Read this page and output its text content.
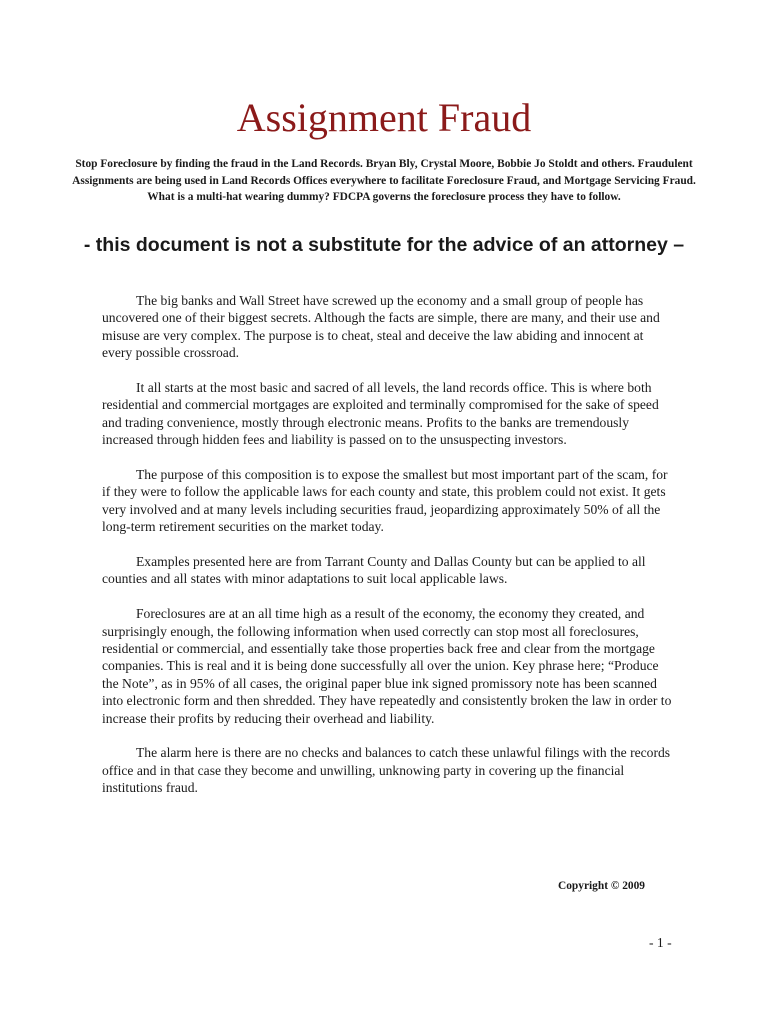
Assignment Fraud

Stop Foreclosure by finding the fraud in the Land Records. Bryan Bly, Crystal Moore, Bobbie Jo Stoldt and others. Fraudulent Assignments are being used in Land Records Offices everywhere to facilitate Foreclosure Fraud, and Mortgage Servicing Fraud. What is a multi-hat wearing dummy? FDCPA governs the foreclosure process they have to follow.

- this document is not a substitute for the advice of an attorney –

The big banks and Wall Street have screwed up the economy and a small group of people has uncovered one of their biggest secrets. Although the facts are simple, there are many, and their use and misuse are very complex. The purpose is to cheat, steal and deceive the law abiding and innocent at every possible crossroad.

It all starts at the most basic and sacred of all levels, the land records office. This is where both residential and commercial mortgages are exploited and terminally compromised for the sake of speed and trading convenience, mostly through electronic means. Profits to the banks are tremendously increased through hidden fees and liability is passed on to the unsuspecting investors.

The purpose of this composition is to expose the smallest but most important part of the scam, for if they were to follow the applicable laws for each county and state, this problem could not exist. It gets very involved and at many levels including securities fraud, jeopardizing approximately 50% of all the long-term retirement securities on the market today.

Examples presented here are from Tarrant County and Dallas County but can be applied to all counties and all states with minor adaptations to suit local applicable laws.

Foreclosures are at an all time high as a result of the economy, the economy they created, and surprisingly enough, the following information when used correctly can stop most all foreclosures, residential or commercial, and essentially take those properties back free and clear from the mortgage companies. This is real and it is being done successfully all over the union. Key phrase here; “Produce the Note”, as in 95% of all cases, the original paper blue ink signed promissory note has been scanned into electronic form and then shredded. They have repeatedly and consistently broken the law in order to increase their profits by reducing their overhead and liability.

The alarm here is there are no checks and balances to catch these unlawful filings with the records office and in that case they become and unwilling, unknowing party in covering up the financial institutions fraud.

Copyright © 2009

- 1 -
